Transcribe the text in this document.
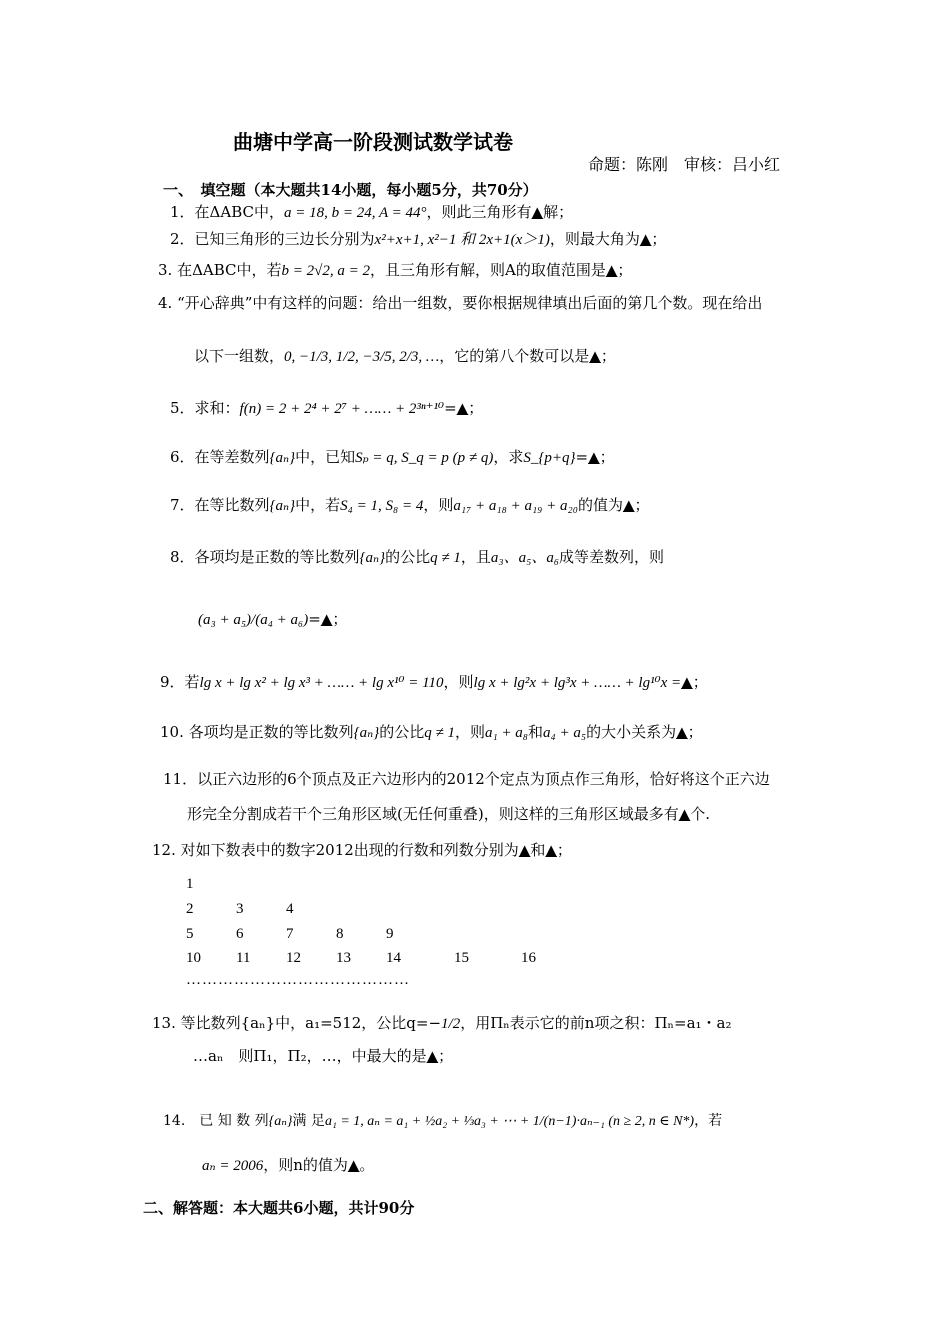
曲塘中学高一阶段测试数学试卷
命题：陈刚　审核：吕小红
一、　填空题（本大题共14小题，每小题5分，共70分）
1．在ΔABC中，a = 18, b = 24, A = 44°，则此三角形有▲解；
2．已知三角形的三边长分别为x²+x+1, x²−1 和 2x+1(x＞1)，则最大角为▲；
3. 在ΔABC中，若b = 2√2, a = 2，且三角形有解，则A的取值范围是▲；
4. “开心辞典”中有这样的问题：给出一组数，要你根据规律填出后面的第几个数。现在给出
以下一组数，0, −1/3, 1/2, −3/5, 2/3, …，它的第八个数可以是▲；
5．求和：f(n) = 2 + 2⁴ + 2⁷ + …… + 2³ⁿ⁺¹⁰=▲；
6．在等差数列{aₙ}中，已知Sₚ = q, S_q = p (p ≠ q)，求S_{p+q}=▲；
7．在等比数列{aₙ}中，若S₄ = 1, S₈ = 4，则a₁₇ + a₁₈ + a₁₉ + a₂₀的值为▲；
8．各项均是正数的等比数列{aₙ}的公比q ≠ 1，且a₃、a₅、a₆成等差数列，则
(a₃ + a₅)/(a₄ + a₆)=▲；
9．若lg x + lg x² + lg x³ + …… + lg x¹⁰ = 110，则lg x + lg²x + lg³x + …… + lg¹⁰x =▲；
10. 各项均是正数的等比数列{aₙ}的公比q ≠ 1，则a₁ + a₈和a₄ + a₅的大小关系为▲；
11．以正六边形的6个顶点及正六边形内的2012个定点为顶点作三角形，恰好将这个正六边
形完全分割成若干个三角形区域(无任何重叠)，则这样的三角形区域最多有▲个.
12. 对如下数表中的数字2012出现的行数和列数分别为▲和▲；
1
2	3	4
5	6	7	8	9
10 11 12 13 14	15	16
……………………………………
13. 等比数列{aₙ}中，a₁=512，公比q=−1/2，用Πₙ表示它的前n项之积：Πₙ=a₁・a₂
…aₙ　则Π₁，Π₂，…，中最大的是▲；
14.　已 知 数 列{aₙ}满 足a₁ = 1, aₙ = a₁ + ½a₂ + ⅓a₃ + ⋯ + 1/(n−1)·aₙ₋₁ (n ≥ 2, n ∈ N*)，若
aₙ = 2006，则n的值为▲。
二、解答题：本大题共6小题，共计90分
